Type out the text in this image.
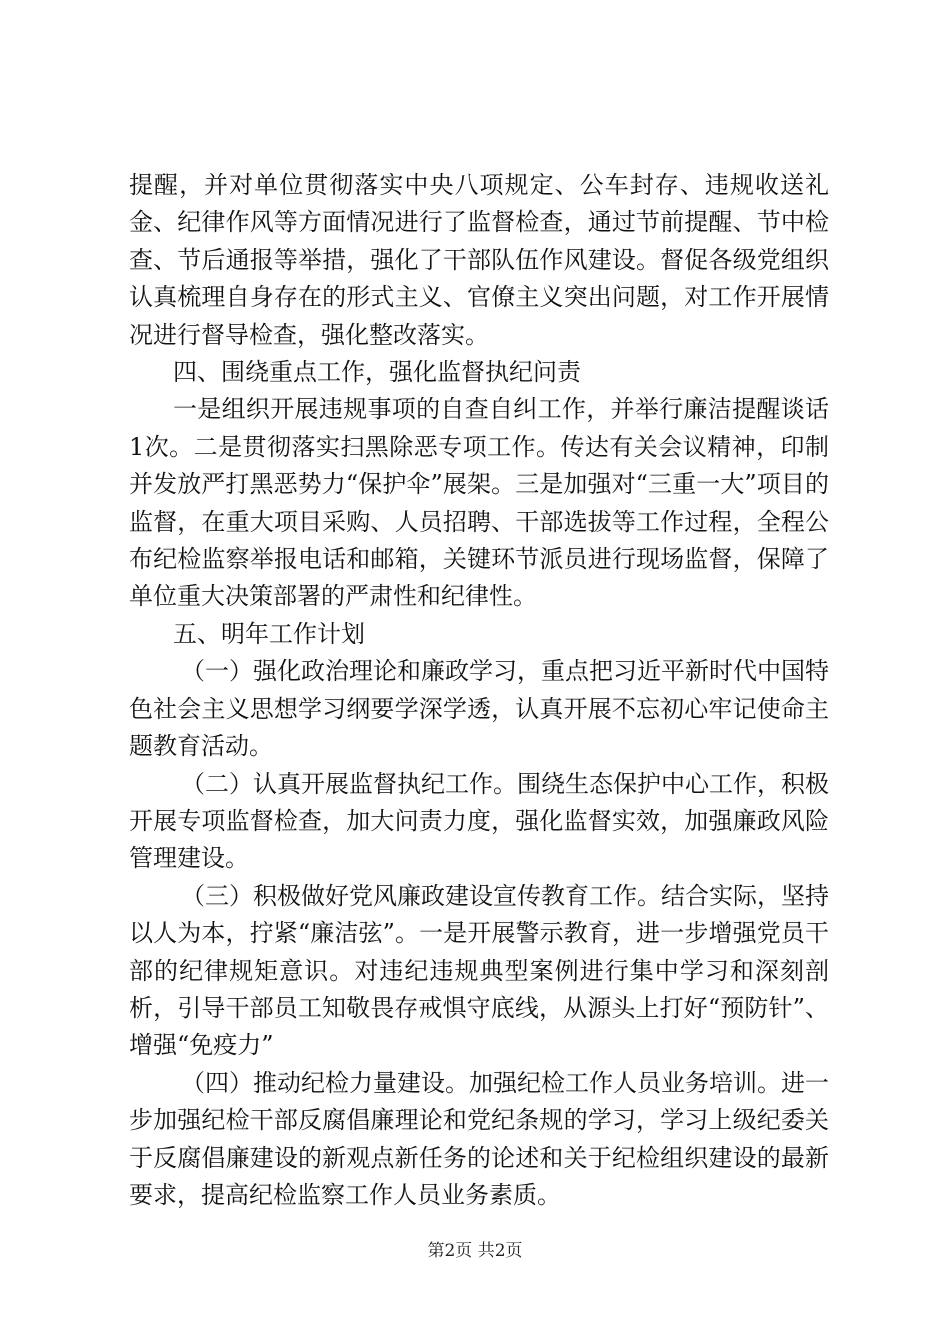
提醒，并对单位贯彻落实中央八项规定、公车封存、违规收送礼金、纪律作风等方面情况进行了监督检查，通过节前提醒、节中检查、节后通报等举措，强化了干部队伍作风建设。督促各级党组织认真梳理自身存在的形式主义、官僚主义突出问题，对工作开展情况进行督导检查，强化整改落实。

四、围绕重点工作，强化监督执纪问责

一是组织开展违规事项的自查自纠工作，并举行廉洁提醒谈话1次。二是贯彻落实扫黑除恶专项工作。传达有关会议精神，印制并发放严打黑恶势力“保护伞”展架。三是加强对“三重一大”项目的监督，在重大项目采购、人员招聘、干部选拔等工作过程，全程公布纪检监察举报电话和邮箱，关键环节派员进行现场监督，保障了单位重大决策部署的严肃性和纪律性。

五、明年工作计划

（一）强化政治理论和廉政学习，重点把习近平新时代中国特色社会主义思想学习纲要学深学透，认真开展不忘初心牢记使命主题教育活动。

（二）认真开展监督执纪工作。围绕生态保护中心工作，积极开展专项监督检查，加大问责力度，强化监督实效，加强廉政风险管理建设。

（三）积极做好党风廉政建设宣传教育工作。结合实际，坚持以人为本，拧紧“廉洁弦”。一是开展警示教育，进一步增强党员干部的纪律规矩意识。对违纪违规典型案例进行集中学习和深刻剖析，引导干部员工知敬畏存戒惧守底线，从源头上打好“预防针”、增强“免疫力”

（四）推动纪检力量建设。加强纪检工作人员业务培训。进一步加强纪检干部反腐倡廉理论和党纪条规的学习，学习上级纪委关于反腐倡廉建设的新观点新任务的论述和关于纪检组织建设的最新要求，提高纪检监察工作人员业务素质。

第2页 共2页
